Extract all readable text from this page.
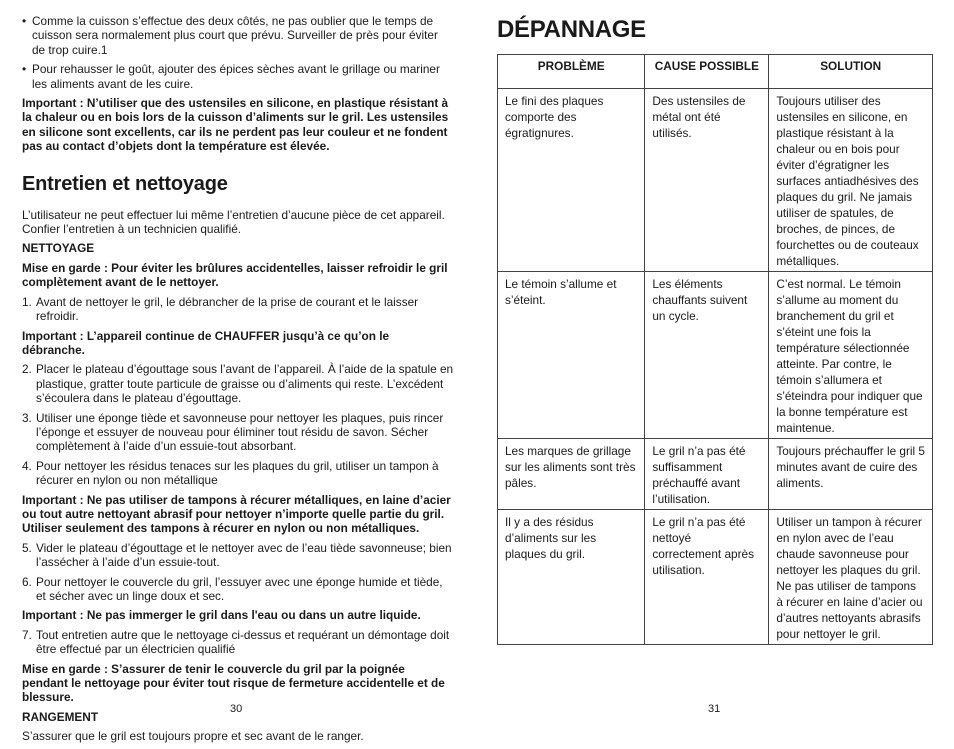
• Comme la cuisson s’effectue des deux côtés, ne pas oublier que le temps de cuisson sera normalement plus court que prévu. Surveiller de près pour éviter de trop cuire.1
• Pour rehausser le goût, ajouter des épices sèches avant le grillage ou mariner les aliments avant de les cuire.

Important : N’utiliser que des ustensiles en silicone, en plastique résistant à la chaleur ou en bois lors de la cuisson d’aliments sur le gril. Les ustensiles en silicone sont excellents, car ils ne perdent pas leur couleur et ne fondent pas au contact d’objets dont la température est élevée.

Entretien et nettoyage

L’utilisateur ne peut effectuer lui même l’entretien d’aucune pièce de cet appareil. Confier l’entretien à un technicien qualifié.

NETTOYAGE

Mise en garde : Pour éviter les brûlures accidentelles, laisser refroidir le gril complètement avant de le nettoyer.

1. Avant de nettoyer le gril, le débrancher de la prise de courant et le laisser refroidir.

Important : L’appareil continue de CHAUFFER jusqu’à ce qu’on le débranche.

2. Placer le plateau d’égouttage sous l’avant de l’appareil. À l’aide de la spatule en plastique, gratter toute particule de graisse ou d’aliments qui reste. L’excédent s’écoulera dans le plateau d’égouttage.
3. Utiliser une éponge tiède et savonneuse pour nettoyer les plaques, puis rincer l’éponge et essuyer de nouveau pour éliminer tout résidu de savon. Sécher complètement à l’aide d’un essuie-tout absorbant.
4. Pour nettoyer les résidus tenaces sur les plaques du gril, utiliser un tampon à récurer en nylon ou non métallique

Important : Ne pas utiliser de tampons à récurer métalliques, en laine d’acier ou tout autre nettoyant abrasif pour nettoyer n’importe quelle partie du gril. Utiliser seulement des tampons à récurer en nylon ou non métalliques.

5. Vider le plateau d’égouttage et le nettoyer avec de l’eau tiède savonneuse; bien l’assécher à l’aide d’un essuie-tout.
6. Pour nettoyer le couvercle du gril, l’essuyer avec une éponge humide et tiède, et sécher avec un linge doux et sec.

Important : Ne pas immerger le gril dans l'eau ou dans un autre liquide.

7. Tout entretien autre que le nettoyage ci-dessus et requérant un démontage doit être effectué par un électricien qualifié

Mise en garde : S’assurer de tenir le couvercle du gril par la poignée pendant le nettoyage pour éviter tout risque de fermeture accidentelle et de blessure.

RANGEMENT

S’assurer que le gril est toujours propre et sec avant de le ranger.

DÉPANNAGE
PROBLÈME	CAUSE POSSIBLE	SOLUTION
Le fini des plaques comporte des égratignures.	Des ustensiles de métal ont été utilisés.	Toujours utiliser des ustensiles en silicone, en plastique résistant à la chaleur ou en bois pour éviter d’égratigner les surfaces antiadhésives des plaques du gril. Ne jamais utiliser de spatules, de broches, de pinces, de fourchettes ou de couteaux métalliques.
Le témoin s’allume et s’éteint.	Les éléments chauffants suivent un cycle.	C’est normal. Le témoin s’allume au moment du branchement du gril et s’éteint une fois la température sélectionnée atteinte. Par contre, le témoin s’allumera et s’éteindra pour indiquer que la bonne température est maintenue.
Les marques de grillage sur les aliments sont très pâles.	Le gril n’a pas été suffisamment préchauffé avant l’utilisation.	Toujours préchauffer le gril 5 minutes avant de cuire des aliments.
Il y a des résidus d’aliments sur les plaques du gril.	Le gril n’a pas été nettoyé correctement après utilisation.	Utiliser un tampon à récurer en nylon avec de l’eau chaude savonneuse pour nettoyer les plaques du gril. Ne pas utiliser de tampons à récurer en laine d’acier ou d’autres nettoyants abrasifs pour nettoyer le gril.
30	31
